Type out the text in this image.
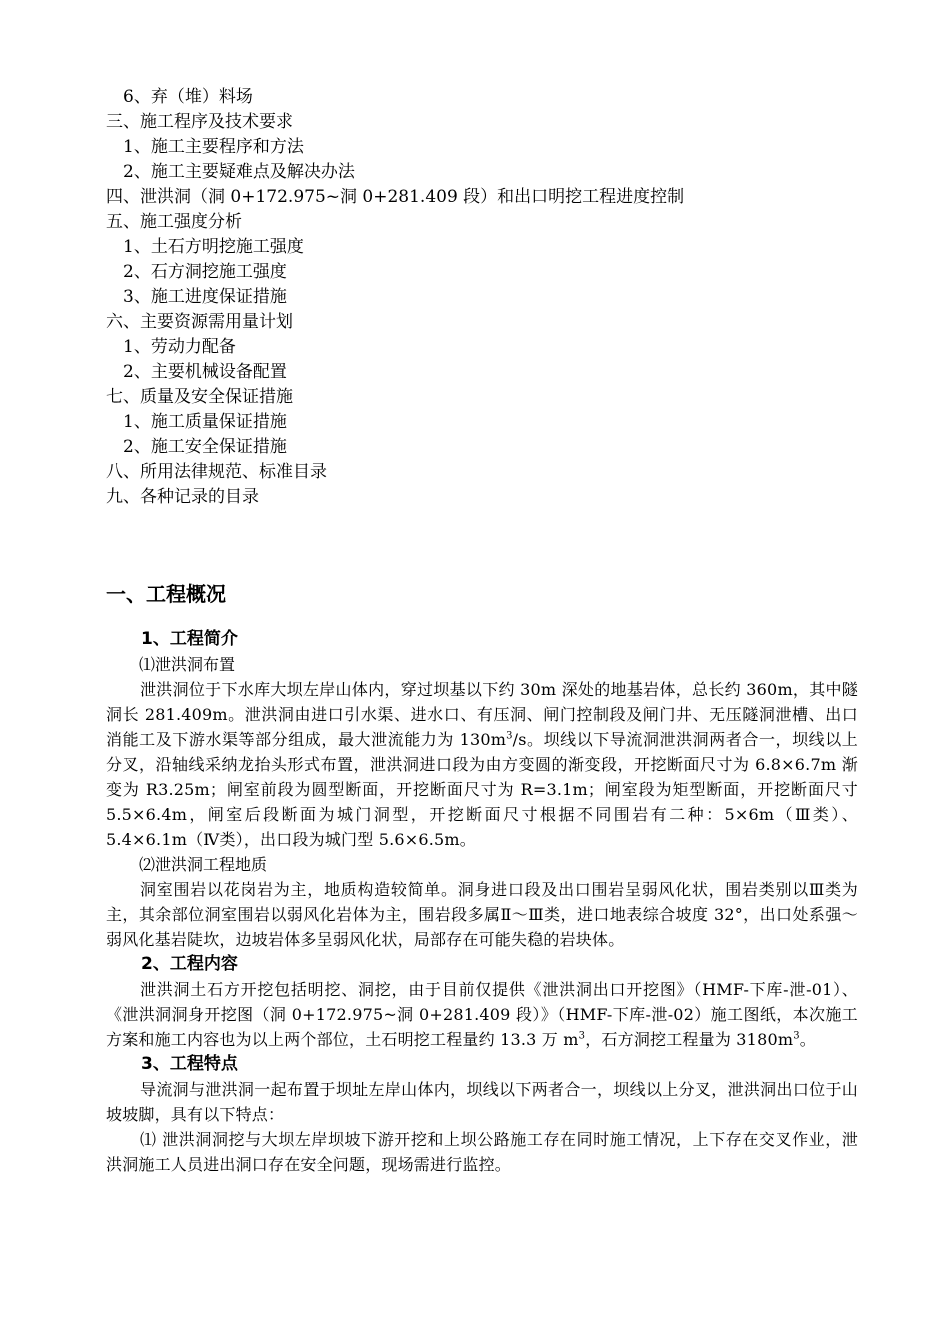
6、弃（堆）料场
三、施工程序及技术要求
1、施工主要程序和方法
2、施工主要疑难点及解决办法
四、泄洪洞（洞 0+172.975~洞 0+281.409 段）和出口明挖工程进度控制
五、施工强度分析
1、土石方明挖施工强度
2、石方洞挖施工强度
3、施工进度保证措施
六、主要资源需用量计划
1、劳动力配备
2、主要机械设备配置
七、质量及安全保证措施
1、施工质量保证措施
2、施工安全保证措施
八、所用法律规范、标准目录
九、各种记录的目录
一、工程概况
1、工程简介
⑴泄洪洞布置

泄洪洞位于下水库大坝左岸山体内，穿过坝基以下约 30m 深处的地基岩体，总长约 360m，其中隧洞长 281.409m。泄洪洞由进口引水渠、进水口、有压洞、闸门控制段及闸门井、无压隧洞泄槽、出口消能工及下游水渠等部分组成，最大泄流能力为 $130m^3/s$。坝线以下导流洞泄洪洞两者合一，坝线以上分叉，沿轴线采纳龙抬头形式布置，泄洪洞进口段为由方变圆的渐变段，开挖断面尺寸为 6.8×6.7m 渐变为 R3.25m；闸室前段为圆型断面，开挖断面尺寸为 R=3.1m；闸室段为矩型断面，开挖断面尺寸 5.5×6.4m，闸室后段断面为城门洞型，开挖断面尺寸根据不同围岩有二种：5×6m（Ⅲ类）、5.4×6.1m（Ⅳ类），出口段为城门型 5.6×6.5m。

⑵泄洪洞工程地质

洞室围岩以花岗岩为主，地质构造较简单。洞身进口段及出口围岩呈弱风化状，围岩类别以Ⅲ类为主，其余部位洞室围岩以弱风化岩体为主，围岩段多属Ⅱ～Ⅲ类，进口地表综合坡度 32°，出口处系强～弱风化基岩陡坎，边坡岩体多呈弱风化状，局部存在可能失稳的岩块体。

2、工程内容

泄洪洞土石方开挖包括明挖、洞挖，由于目前仅提供《泄洪洞出口开挖图》（HMF-下库-泄-01）、《泄洪洞洞身开挖图（洞 0+172.975~洞 0+281.409 段）》（HMF-下库-泄-02）施工图纸，本次施工方案和施工内容也为以上两个部位，土石明挖工程量约 13.3 万 $m^3$，石方洞挖工程量为 $3180m^3$。

3、工程特点

导流洞与泄洪洞一起布置于坝址左岸山体内，坝线以下两者合一，坝线以上分叉，泄洪洞出口位于山坡坡脚，具有以下特点：

⑴ 泄洪洞洞挖与大坝左岸坝坡下游开挖和上坝公路施工存在同时施工情况，上下存在交叉作业，泄洪洞施工人员进出洞口存在安全问题，现场需进行监控。
